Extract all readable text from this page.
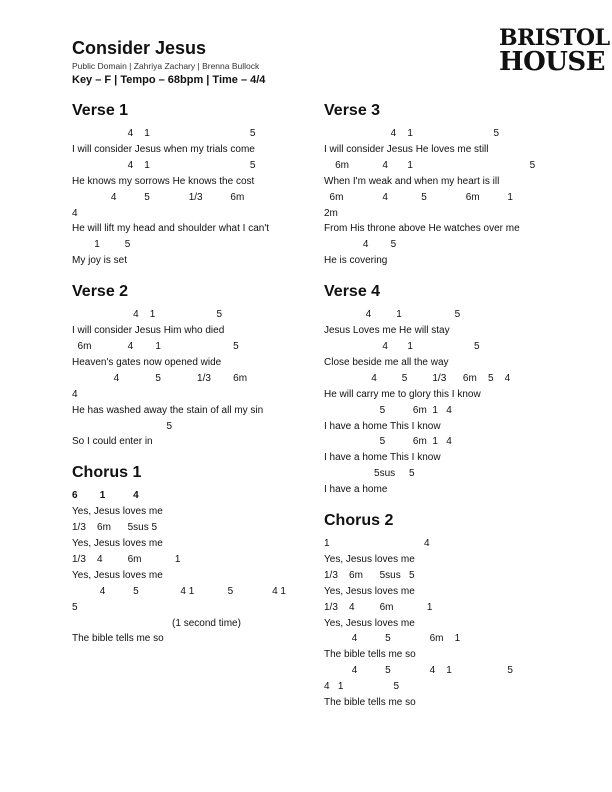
Consider Jesus
Public Domain | Zahriya Zachary | Brenna Bullock
Key – F | Tempo – 68bpm | Time – 4/4
BRISTOL
HOUSE
Verse 1
4    1                                    5
I will consider Jesus when my trials come
4    1                                    5
He knows my sorrows He knows the cost
4          5              1/3          6m
4
He will lift my head and shoulder what I can't
1         5
My joy is set
Verse 2
4    1                      5
I will consider Jesus Him who died
6m             4        1                          5
Heaven's gates now opened wide
4             5             1/3        6m
4
He has washed away the stain of all my sin
5
So I could enter in
Chorus 1
6        1          4
Yes, Jesus loves me
1/3    6m      5sus 5
Yes, Jesus loves me
1/3    4         6m            1
Yes, Jesus loves me
4          5               4 1            5              4 1
5
(1 second time)
The bible tells me so
Verse 3
4    1                             5
I will consider Jesus He loves me still
6m            4       1                                          5
When I'm weak and when my heart is ill
6m              4            5              6m          1
2m
From His throne above He watches over me
4        5
He is covering
Verse 4
4         1                   5
Jesus Loves me He will stay
4       1                      5
Close beside me all the way
4         5         1/3      6m    5    4
He will carry me to glory this I know
5          6m  1   4
I have a home This I know
5          6m  1   4
I have a home This I know
5sus     5
I have a home
Chorus 2
1                                  4
Yes, Jesus loves me
1/3    6m      5sus   5
Yes, Jesus loves me
1/3    4         6m            1
Yes, Jesus loves me
4          5              6m    1
The bible tells me so
4          5              4    1                    5
4   1                  5
The bible tells me so
